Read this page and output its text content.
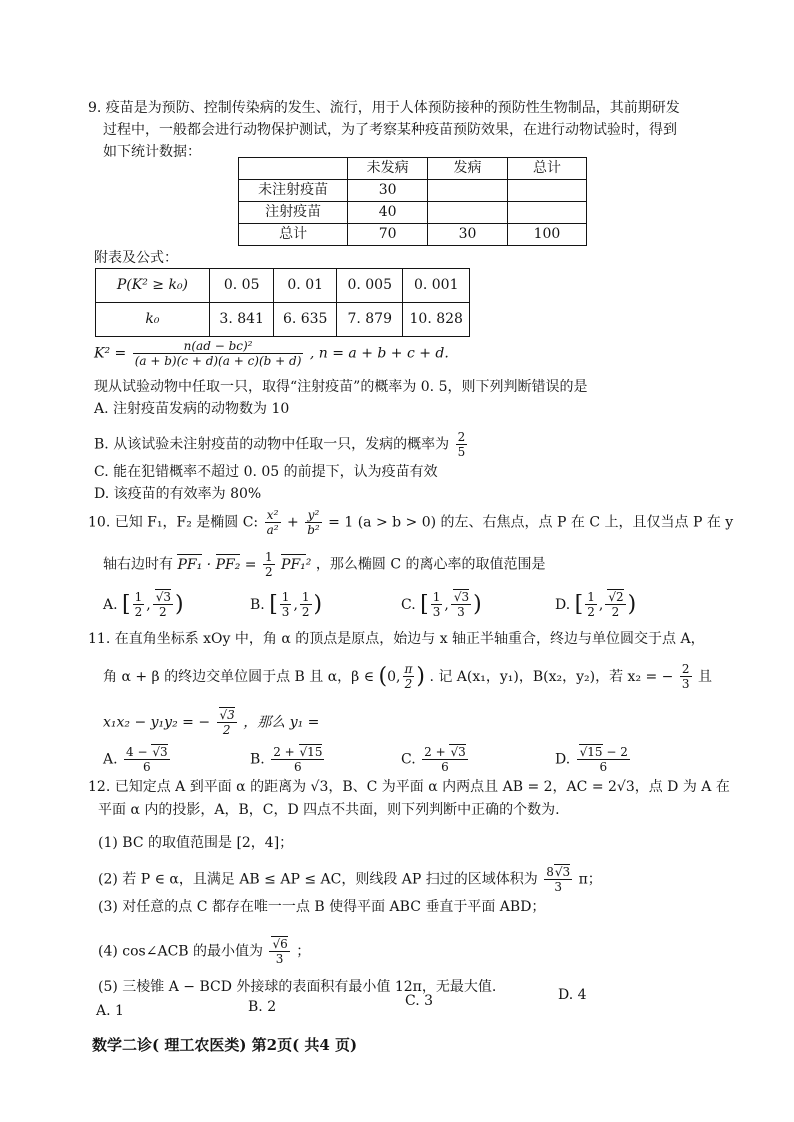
9. 疫苗是为预防、控制传染病的发生、流行，用于人体预防接种的预防性生物制品，其前期研发
过程中，一般都会进行动物保护测试，为了考察某种疫苗预防效果，在进行动物试验时，得到
如下统计数据：
	未发病	发病	总计
未注射疫苗	30		
注射疫苗	40		
总计	70	30	100
附表及公式：
P(K² ≥ k₀)	0. 05	0. 01	0. 005	0. 001
k₀	3. 841	6. 635	7. 879	10. 828
$K^2 = \frac{\text{n(ad − bc)²}}{(a + b)(c + d)(a + c)(b + d)}$ , n = a + b + c + d.
现从试验动物中任取一只，取得“注射疫苗”的概率为 0. 5，则下列判断错误的是
A. 注射疫苗发病的动物数为 10
B. 从该试验未注射疫苗的动物中任取一只，发病的概率为 $\frac{2}{5}$
C. 能在犯错概率不超过 0. 05 的前提下，认为疫苗有效
D. 该疫苗的有效率为 80%
10. 已知 F₁，F₂ 是椭圆 C: $\frac{\text{x²}}{\text{a²}} + \frac{\text{y²}}{\text{b²}} = 1$ (a > b > 0) 的左、右焦点，点 P 在 C 上，且仅当点 P 在 y
轴右边时有 $PF_1 \cdot PF_2 = \frac{1}{2} PF_1^2$ ，那么椭圆 C 的离心率的取值范围是
A. [ $\frac{1}{2}$ , $\frac{√3}{2}$ )	B. [ $\frac{1}{3}$ , $\frac{1}{2}$ )	C. [ $\frac{1}{3}$ , $\frac{√3}{3}$ )	D. [ $\frac{1}{2}$ , $\frac{√2}{2}$ )
11. 在直角坐标系 xOy 中，角 α 的顶点是原点，始边与 x 轴正半轴重合，终边与单位圆交于点 A，
角 α + β 的终边交单位圆于点 B 且 α，β ∈ (0, $\frac{\pi}{2}$ ) . 记 A(x₁，y₁)，B(x₂，y₂)，若 x₂ = − $\frac{2}{3}$ 且
x₁x₂ − y₁y₂ = − $\frac{√3}{2}$ ，那么 y₁ =
A. $\frac{4 - √3}{6}$	B. $\frac{2 + √15}{6}$	C. $\frac{2 + √3}{6}$	D. $\frac{√15 - 2}{6}$
12. 已知定点 A 到平面 α 的距离为 √3，B、C 为平面 α 内两点且 AB = 2，AC = 2√3，点 D 为 A 在
平面 α 内的投影，A，B，C，D 四点不共面，则下列判断中正确的个数为.
(1) BC 的取值范围是 [2，4]；
(2) 若 P ∈ α，且满足 AB ≤ AP ≤ AC，则线段 AP 扫过的区域体积为 $\frac{8√3}{3}$ π；
(3) 对任意的点 C 都存在唯一一点 B 使得平面 ABC 垂直于平面 ABD；
(4) cos∠ACB 的最小值为 $\frac{√6}{3}$ ；
(5) 三棱锥 A − BCD 外接球的表面积有最小值 12π，无最大值.
A. 1	B. 2	C. 3	D. 4
数学二诊( 理工农医类) 第2页( 共4 页)
